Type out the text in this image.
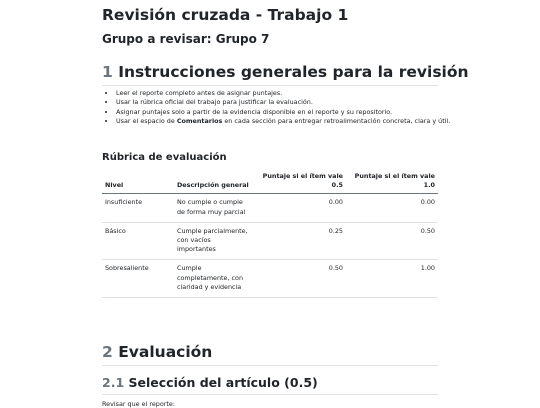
Revisión cruzada - Trabajo 1
Grupo a revisar: Grupo 7
1 Instrucciones generales para la revisión
• Leer el reporte completo antes de asignar puntajes.
• Usar la rúbrica oficial del trabajo para justificar la evaluación.
• Asignar puntajes solo a partir de la evidencia disponible en el reporte y su repositorio.
• Usar el espacio de Comentarios en cada sección para entregar retroalimentación concreta, clara y útil.
Rúbrica de evaluación
Nivel	Descripción general	Puntaje si el ítem vale 0.5	Puntaje si el ítem vale 1.0
Insuficiente	No cumple o cumple de forma muy parcial	0.00	0.00
Básico	Cumple parcialmente, con vacíos importantes	0.25	0.50
Sobresaliente	Cumple completamente, con claridad y evidencia	0.50	1.00
2 Evaluación
2.1 Selección del artículo (0.5)
Revisar que el reporte:
